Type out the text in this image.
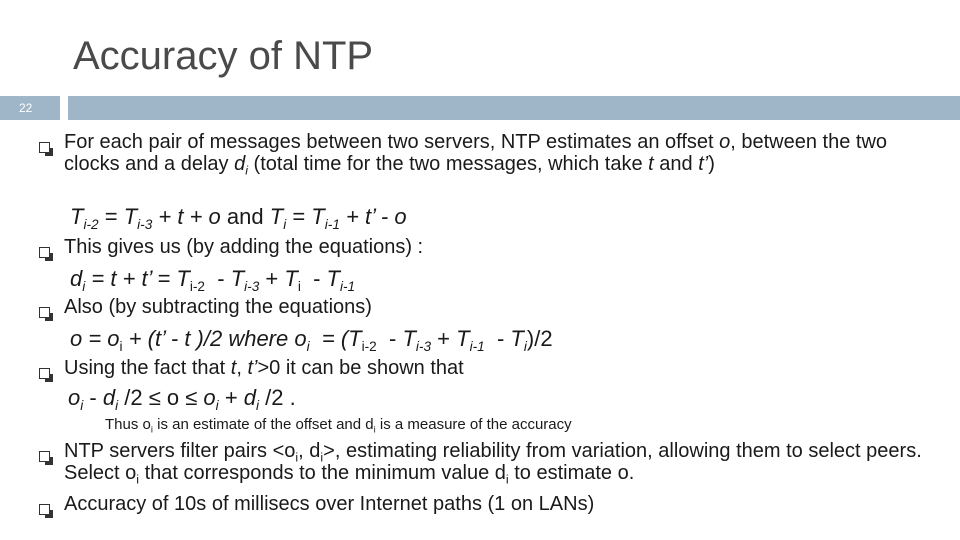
Accuracy of NTP
22
For each pair of messages between two servers, NTP estimates an offset o, between the two clocks and a delay $d_i$ (total time for the two messages, which take t and t’)
$T_{i-2} = T_{i-3} + t + o$ and $T_i = T_{i-1} + t$’ - o
This gives us (by adding the equations) :
$d_i = t + t$’ = $T_{i-2} - T_{i-3} + T_i - T_{i-1}$
Also (by subtracting the equations)
$o = o_i + (t$’ - t )/2 where $o_i = (T_{i-2} - T_{i-3} + T_{i-1} - T_i)/2$
Using the fact that t, t’>0 it can be shown that
$o_i - d_i$ $/2 \le o \le o_i + d_i$ /2 .
Thus $o_i$ is an estimate of the offset and $d_i$ is a measure of the accuracy
NTP servers filter pairs $<o_i$, $d_i>$, estimating reliability from variation, allowing them to select peers. Select $o_i$ that corresponds to the minimum value $d_i$ to estimate o.
Accuracy of 10s of millisecs over Internet paths (1 on LANs)
